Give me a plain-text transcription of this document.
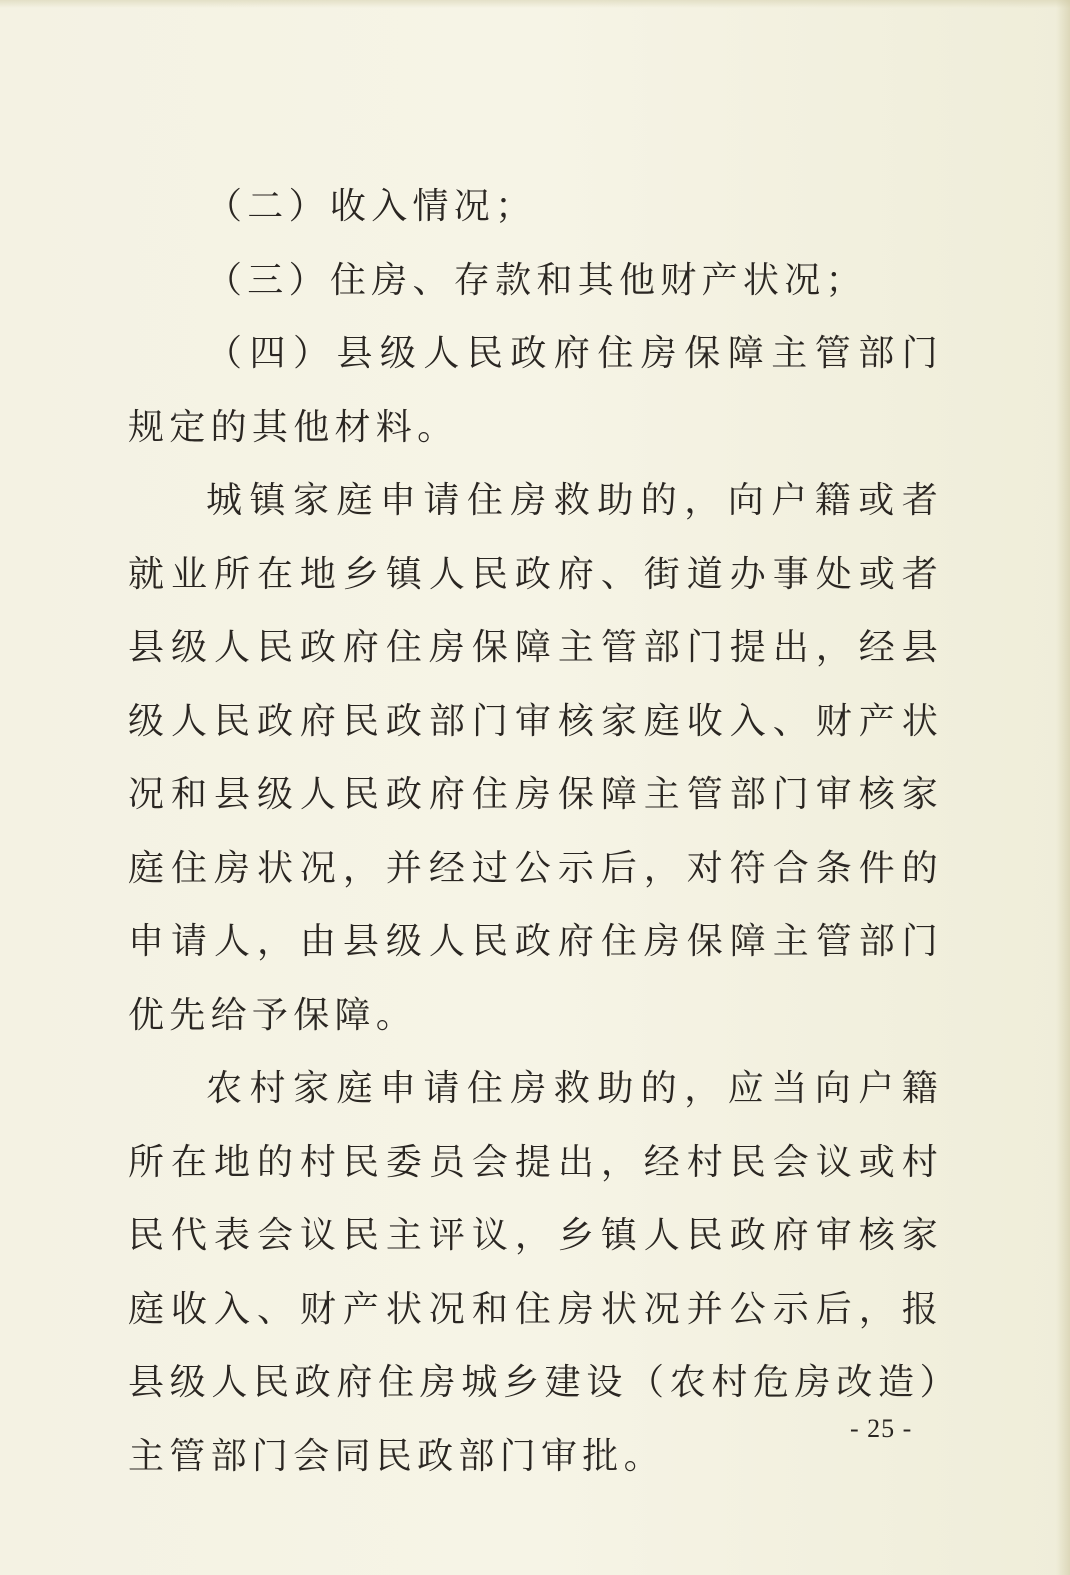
（二）收入情况；

（三）住房、存款和其他财产状况；

（四）县级人民政府住房保障主管部门规定的其他材料。

城镇家庭申请住房救助的，向户籍或者就业所在地乡镇人民政府、街道办事处或者县级人民政府住房保障主管部门提出，经县级人民政府民政部门审核家庭收入、财产状况和县级人民政府住房保障主管部门审核家庭住房状况，并经过公示后，对符合条件的申请人，由县级人民政府住房保障主管部门优先给予保障。

农村家庭申请住房救助的，应当向户籍所在地的村民委员会提出，经村民会议或村民代表会议民主评议，乡镇人民政府审核家庭收入、财产状况和住房状况并公示后，报县级人民政府住房城乡建设（农村危房改造）主管部门会同民政部门审批。

- 25 -
